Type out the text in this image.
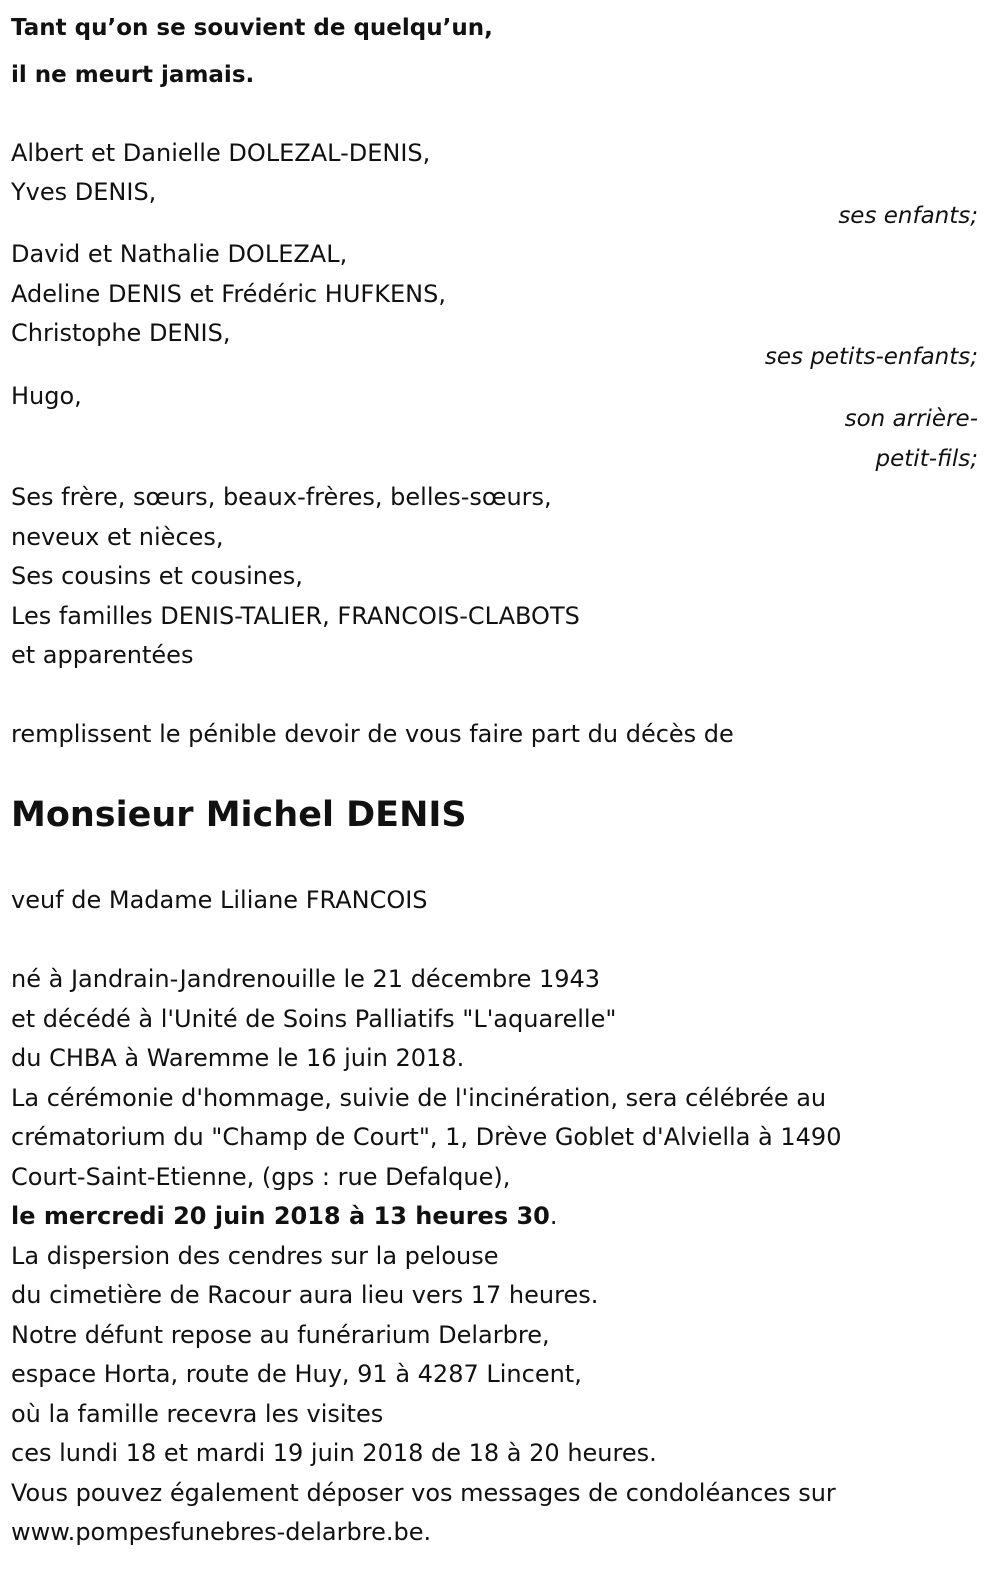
Tant qu’on se souvient de quelqu’un,
il ne meurt jamais.
Albert et Danielle DOLEZAL-DENIS,
Yves DENIS,
ses enfants;
David et Nathalie DOLEZAL,
Adeline DENIS et Frédéric HUFKENS,
Christophe DENIS,
ses petits-enfants;
Hugo,
son arrière-
petit-fils;
Ses frère, sœurs, beaux-frères, belles-sœurs,
neveux et nièces,
Ses cousins et cousines,
Les familles DENIS-TALIER, FRANCOIS-CLABOTS
et apparentées
remplissent le pénible devoir de vous faire part du décès de
Monsieur Michel DENIS
veuf de Madame Liliane FRANCOIS
né à Jandrain-Jandrenouille le 21 décembre 1943
et décédé à l'Unité de Soins Palliatifs "L'aquarelle"
du CHBA à Waremme le 16 juin 2018.
La cérémonie d'hommage, suivie de l'incinération, sera célébrée au
crématorium du "Champ de Court", 1, Drève Goblet d'Alviella à 1490
Court-Saint-Etienne, (gps : rue Defalque),
le mercredi 20 juin 2018 à 13 heures 30.
La dispersion des cendres sur la pelouse
du cimetière de Racour aura lieu vers 17 heures.
Notre défunt repose au funérarium Delarbre,
espace Horta, route de Huy, 91 à 4287 Lincent,
où la famille recevra les visites
ces lundi 18 et mardi 19 juin 2018 de 18 à 20 heures.
Vous pouvez également déposer vos messages de condoléances sur
www.pompesfunebres-delarbre.be.
